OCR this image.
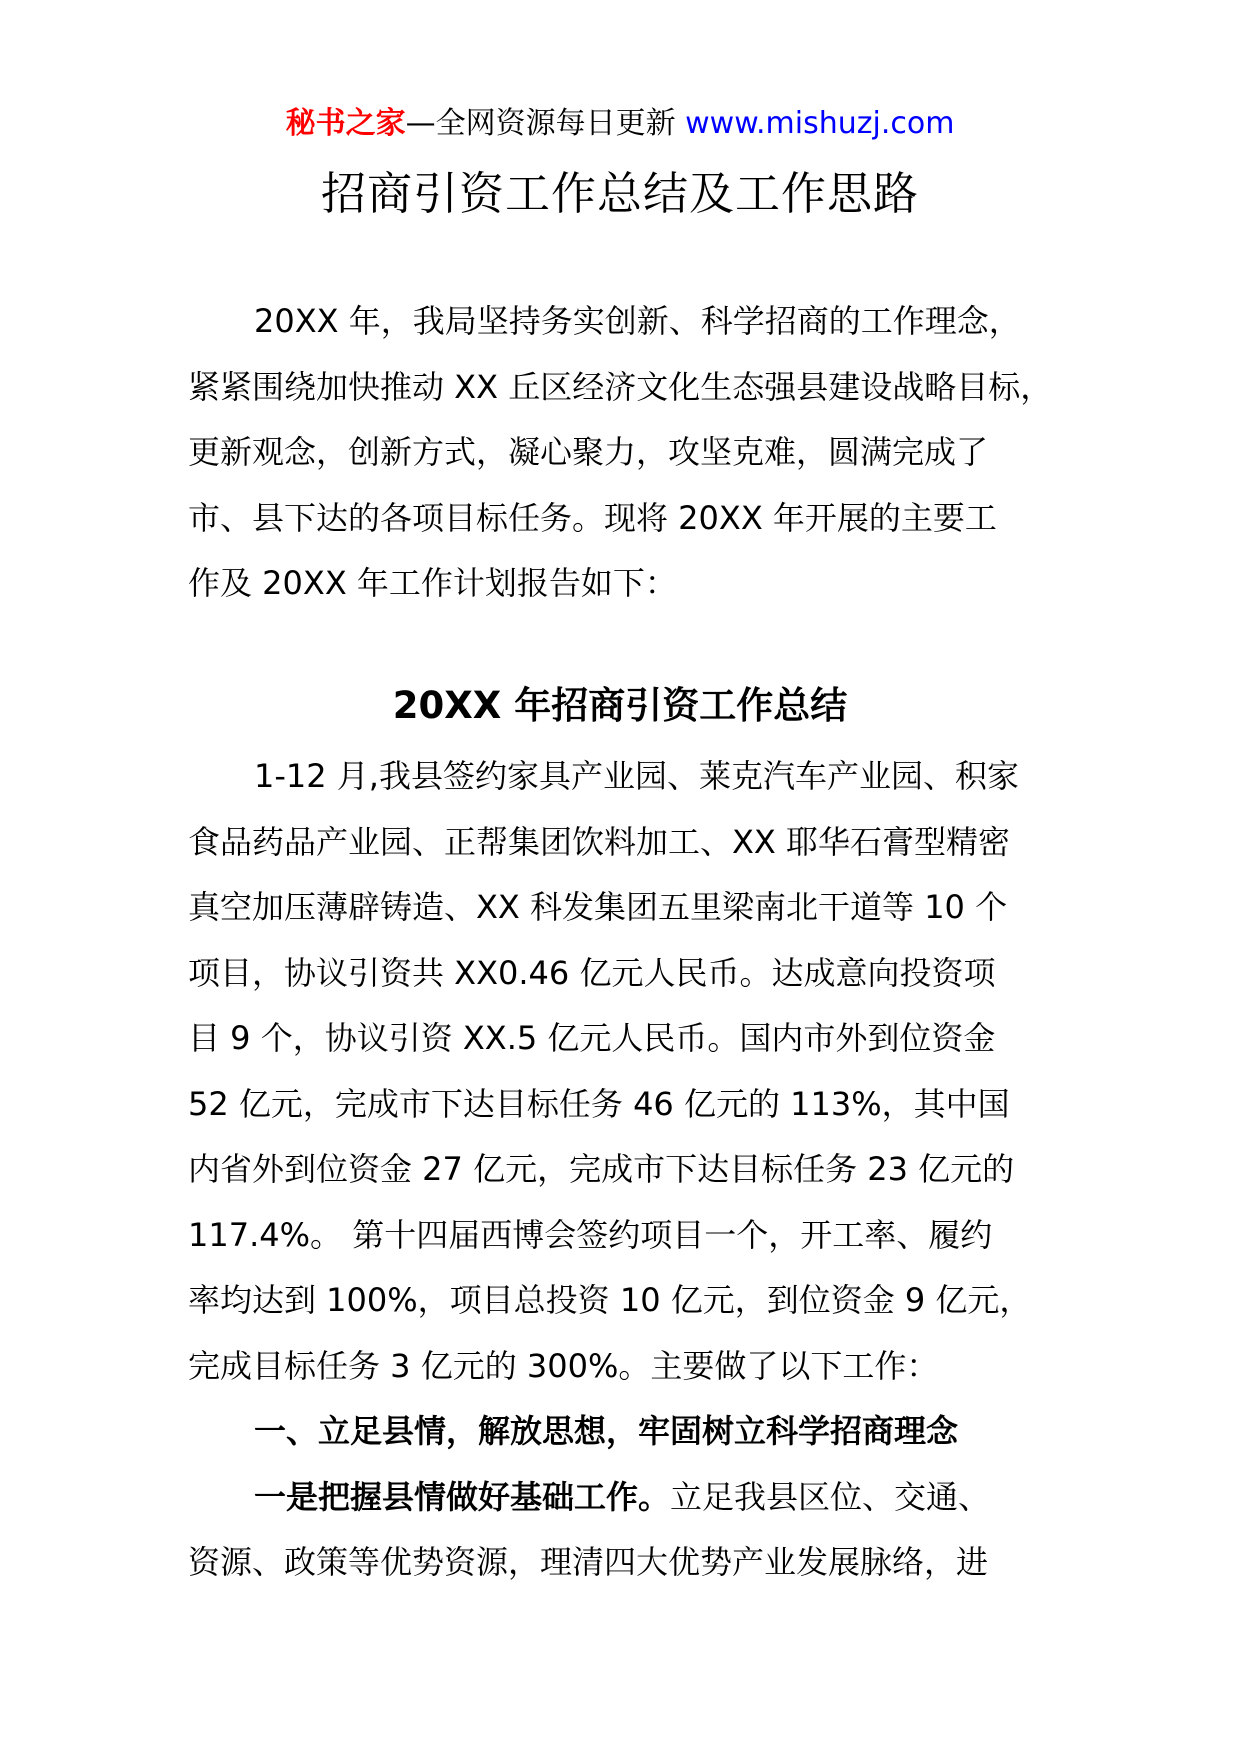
秘书之家—全网资源每日更新 www.mishuzj.com
招商引资工作总结及工作思路
20XX 年，我局坚持务实创新、科学招商的工作理念，
紧紧围绕加快推动 XX 丘区经济文化生态强县建设战略目标，
更新观念，创新方式，凝心聚力，攻坚克难，圆满完成了
市、县下达的各项目标任务。现将 20XX 年开展的主要工
作及 20XX 年工作计划报告如下：
20XX 年招商引资工作总结
1-12 月,我县签约家具产业园、莱克汽车产业园、积家
食品药品产业园、正帮集团饮料加工、XX 耶华石膏型精密
真空加压薄辟铸造、XX 科发集团五里梁南北干道等 10 个
项目，协议引资共 XX0.46 亿元人民币。达成意向投资项
目 9 个，协议引资 XX.5 亿元人民币。国内市外到位资金
52 亿元，完成市下达目标任务 46 亿元的 113%，其中国
内省外到位资金 27 亿元，完成市下达目标任务 23 亿元的
117.4%。 第十四届西博会签约项目一个，开工率、履约
率均达到 100%，项目总投资 10 亿元，到位资金 9 亿元，
完成目标任务 3 亿元的 300%。主要做了以下工作：
一、立足县情，解放思想，牢固树立科学招商理念
一是把握县情做好基础工作。立足我县区位、交通、
资源、政策等优势资源，理清四大优势产业发展脉络，进
